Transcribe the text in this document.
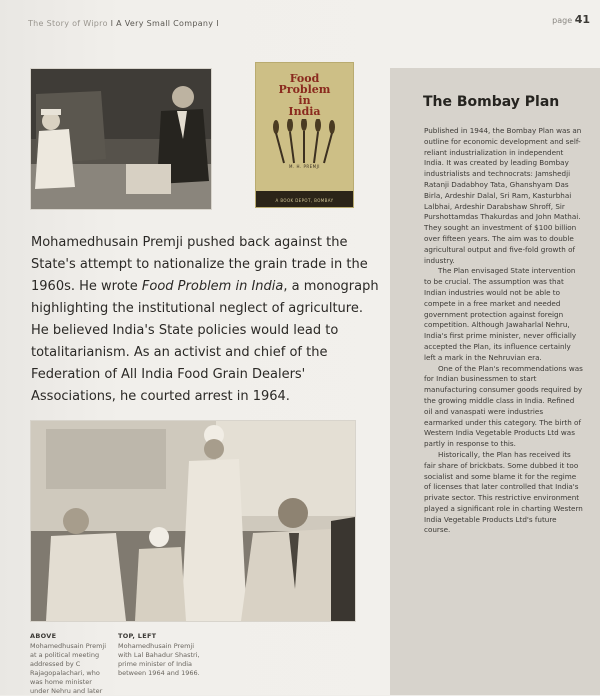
The Story of Wipro I A Very Small Company I	page 41
Food
Problem
in
India
M. H. PREMJI
A BOOK DEPOT, BOMBAY

Mohamedhusain Premji pushed back against the State's attempt to nationalize the grain trade in the 1960s. He wrote Food Problem in India, a monograph highlighting the institutional neglect of agriculture. He believed India's State policies would lead to totalitarianism. As an activist and chief of the Federation of All India Food Grain Dealers' Associations, he courted arrest in 1964.

ABOVE
Mohamedhusain Premji at a political meeting addressed by C Rajagopalachari, who was home minister under Nehru and later
TOP, LEFT
Mohamedhusain Premji with Lal Bahadur Shastri, prime minister of India between 1964 and 1966.
The Bombay Plan

Published in 1944, the Bombay Plan was an outline for economic development and self-reliant industrialization in independent India. It was created by leading Bombay industrialists and technocrats: Jamshedji Ratanji Dadabhoy Tata, Ghanshyam Das Birla, Ardeshir Dalal, Sri Ram, Kasturbhai Lalbhai, Ardeshir Darabshaw Shroff, Sir Purshottamdas Thakurdas and John Mathai. They sought an investment of $100 billion over fifteen years. The aim was to double agricultural output and five-fold growth of industry.

The Plan envisaged State intervention to be crucial. The assumption was that Indian industries would not be able to compete in a free market and needed government protection against foreign competition. Although Jawaharlal Nehru, India's first prime minister, never officially accepted the Plan, its influence certainly left a mark in the Nehruvian era.

One of the Plan's recommendations was for Indian businessmen to start manufacturing consumer goods required by the growing middle class in India. Refined oil and vanaspati were industries earmarked under this category. The birth of Western India Vegetable Products Ltd was partly in response to this.

Historically, the Plan has received its fair share of brickbats. Some dubbed it too socialist and some blame it for the regime of licenses that later controlled that India's private sector. This restrictive environment played a significant role in charting Western India Vegetable Products Ltd's future course.
